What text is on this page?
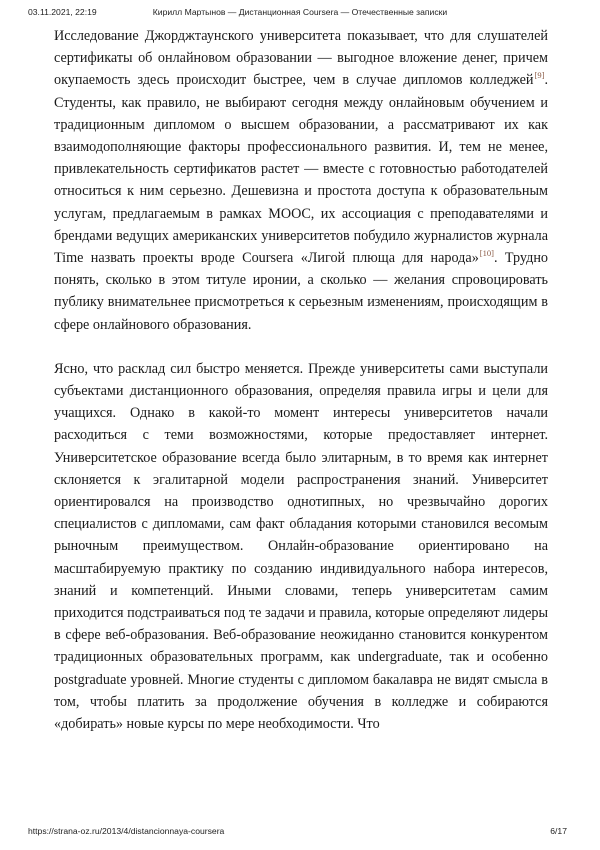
03.11.2021, 22:19	Кирилл Мартынов — Дистанционная Coursera — Отечественные записки

Исследование Джорджтаунского университета показывает, что для слушателей сертификаты об онлайновом образовании — выгодное вложение денег, причем окупаемость здесь происходит быстрее, чем в случае дипломов колледжей[9]. Студенты, как правило, не выбирают сегодня между онлайновым обучением и традиционным дипломом о высшем образовании, а рассматривают их как взаимодополняющие факторы профессионального развития. И, тем не менее, привлекательность сертификатов растет — вместе с готовностью работодателей относиться к ним серьезно. Дешевизна и простота доступа к образовательным услугам, предлагаемым в рамках MOOC, их ассоциация с преподавателями и брендами ведущих американских университетов побудило журналистов журнала Time назвать проекты вроде Coursera «Лигой плюща для народа»[10]. Трудно понять, сколько в этом титуле иронии, а сколько — желания спровоцировать публику внимательнее присмотреться к серьезным изменениям, происходящим в сфере онлайнового образования.

Ясно, что расклад сил быстро меняется. Прежде университеты сами выступали субъектами дистанционного образования, определяя правила игры и цели для учащихся. Однако в какой-то момент интересы университетов начали расходиться с теми возможностями, которые предоставляет интернет. Университетское образование всегда было элитарным, в то время как интернет склоняется к эгалитарной модели распространения знаний. Университет ориентировался на производство однотипных, но чрезвычайно дорогих специалистов с дипломами, сам факт обладания которыми становился весомым рыночным преимуществом. Онлайн-образование ориентировано на масштабируемую практику по созданию индивидуального набора интересов, знаний и компетенций. Иными словами, теперь университетам самим приходится подстраиваться под те задачи и правила, которые определяют лидеры в сфере веб-образования. Веб-образование неожиданно становится конкурентом традиционных образовательных программ, как undergraduate, так и особенно postgraduate уровней. Многие студенты с дипломом бакалавра не видят смысла в том, чтобы платить за продолжение обучения в колледже и собираются «добирать» новые курсы по мере необходимости. Что

https://strana-oz.ru/2013/4/distancionnaya-coursera	6/17
